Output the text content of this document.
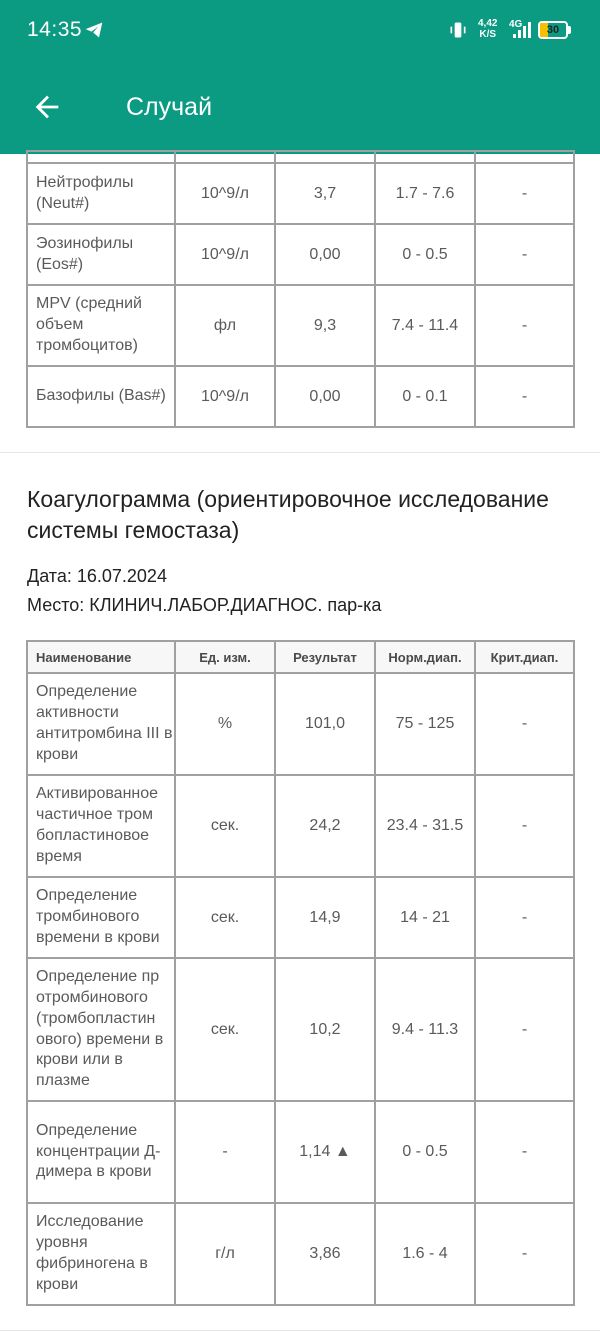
14:35	4,42
K/S
4G	30
Случай

Нейтрофилы (Neut#)	10^9/л	3,7	1.7 - 7.6	-
Эозинофилы (Eos#)	10^9/л	0,00	0 - 0.5	-
MPV (средний объем тромбоцитов)	фл	9,3	7.4 - 11.4	-
Базофилы (Bas#)	10^9/л	0,00	0 - 0.1	-
Коагулограмма (ориентировочное исследование системы гемостаза)
Дата: 16.07.2024
Место: КЛИНИЧ.ЛАБОР.ДИАГНОС. пар-ка
Наименование	Ед. изм.	Результат	Норм.диап.	Крит.диап.
Определение активности антитромбина III в крови	%	101,0	75 - 125	-
Активированное частичное тром бопластиновое время	сек.	24,2	23.4 - 31.5	-
Определение тромбинового времени в крови	сек.	14,9	14 - 21	-
Определение пр отромбинового (тромбопластин ового) времени в крови или в плазме	сек.	10,2	9.4 - 11.3	-
Определение концентрации Д-димера в крови	-	1,14 ▲	0 - 0.5	-
Исследование уровня фибриногена в крови	г/л	3,86	1.6 - 4	-
